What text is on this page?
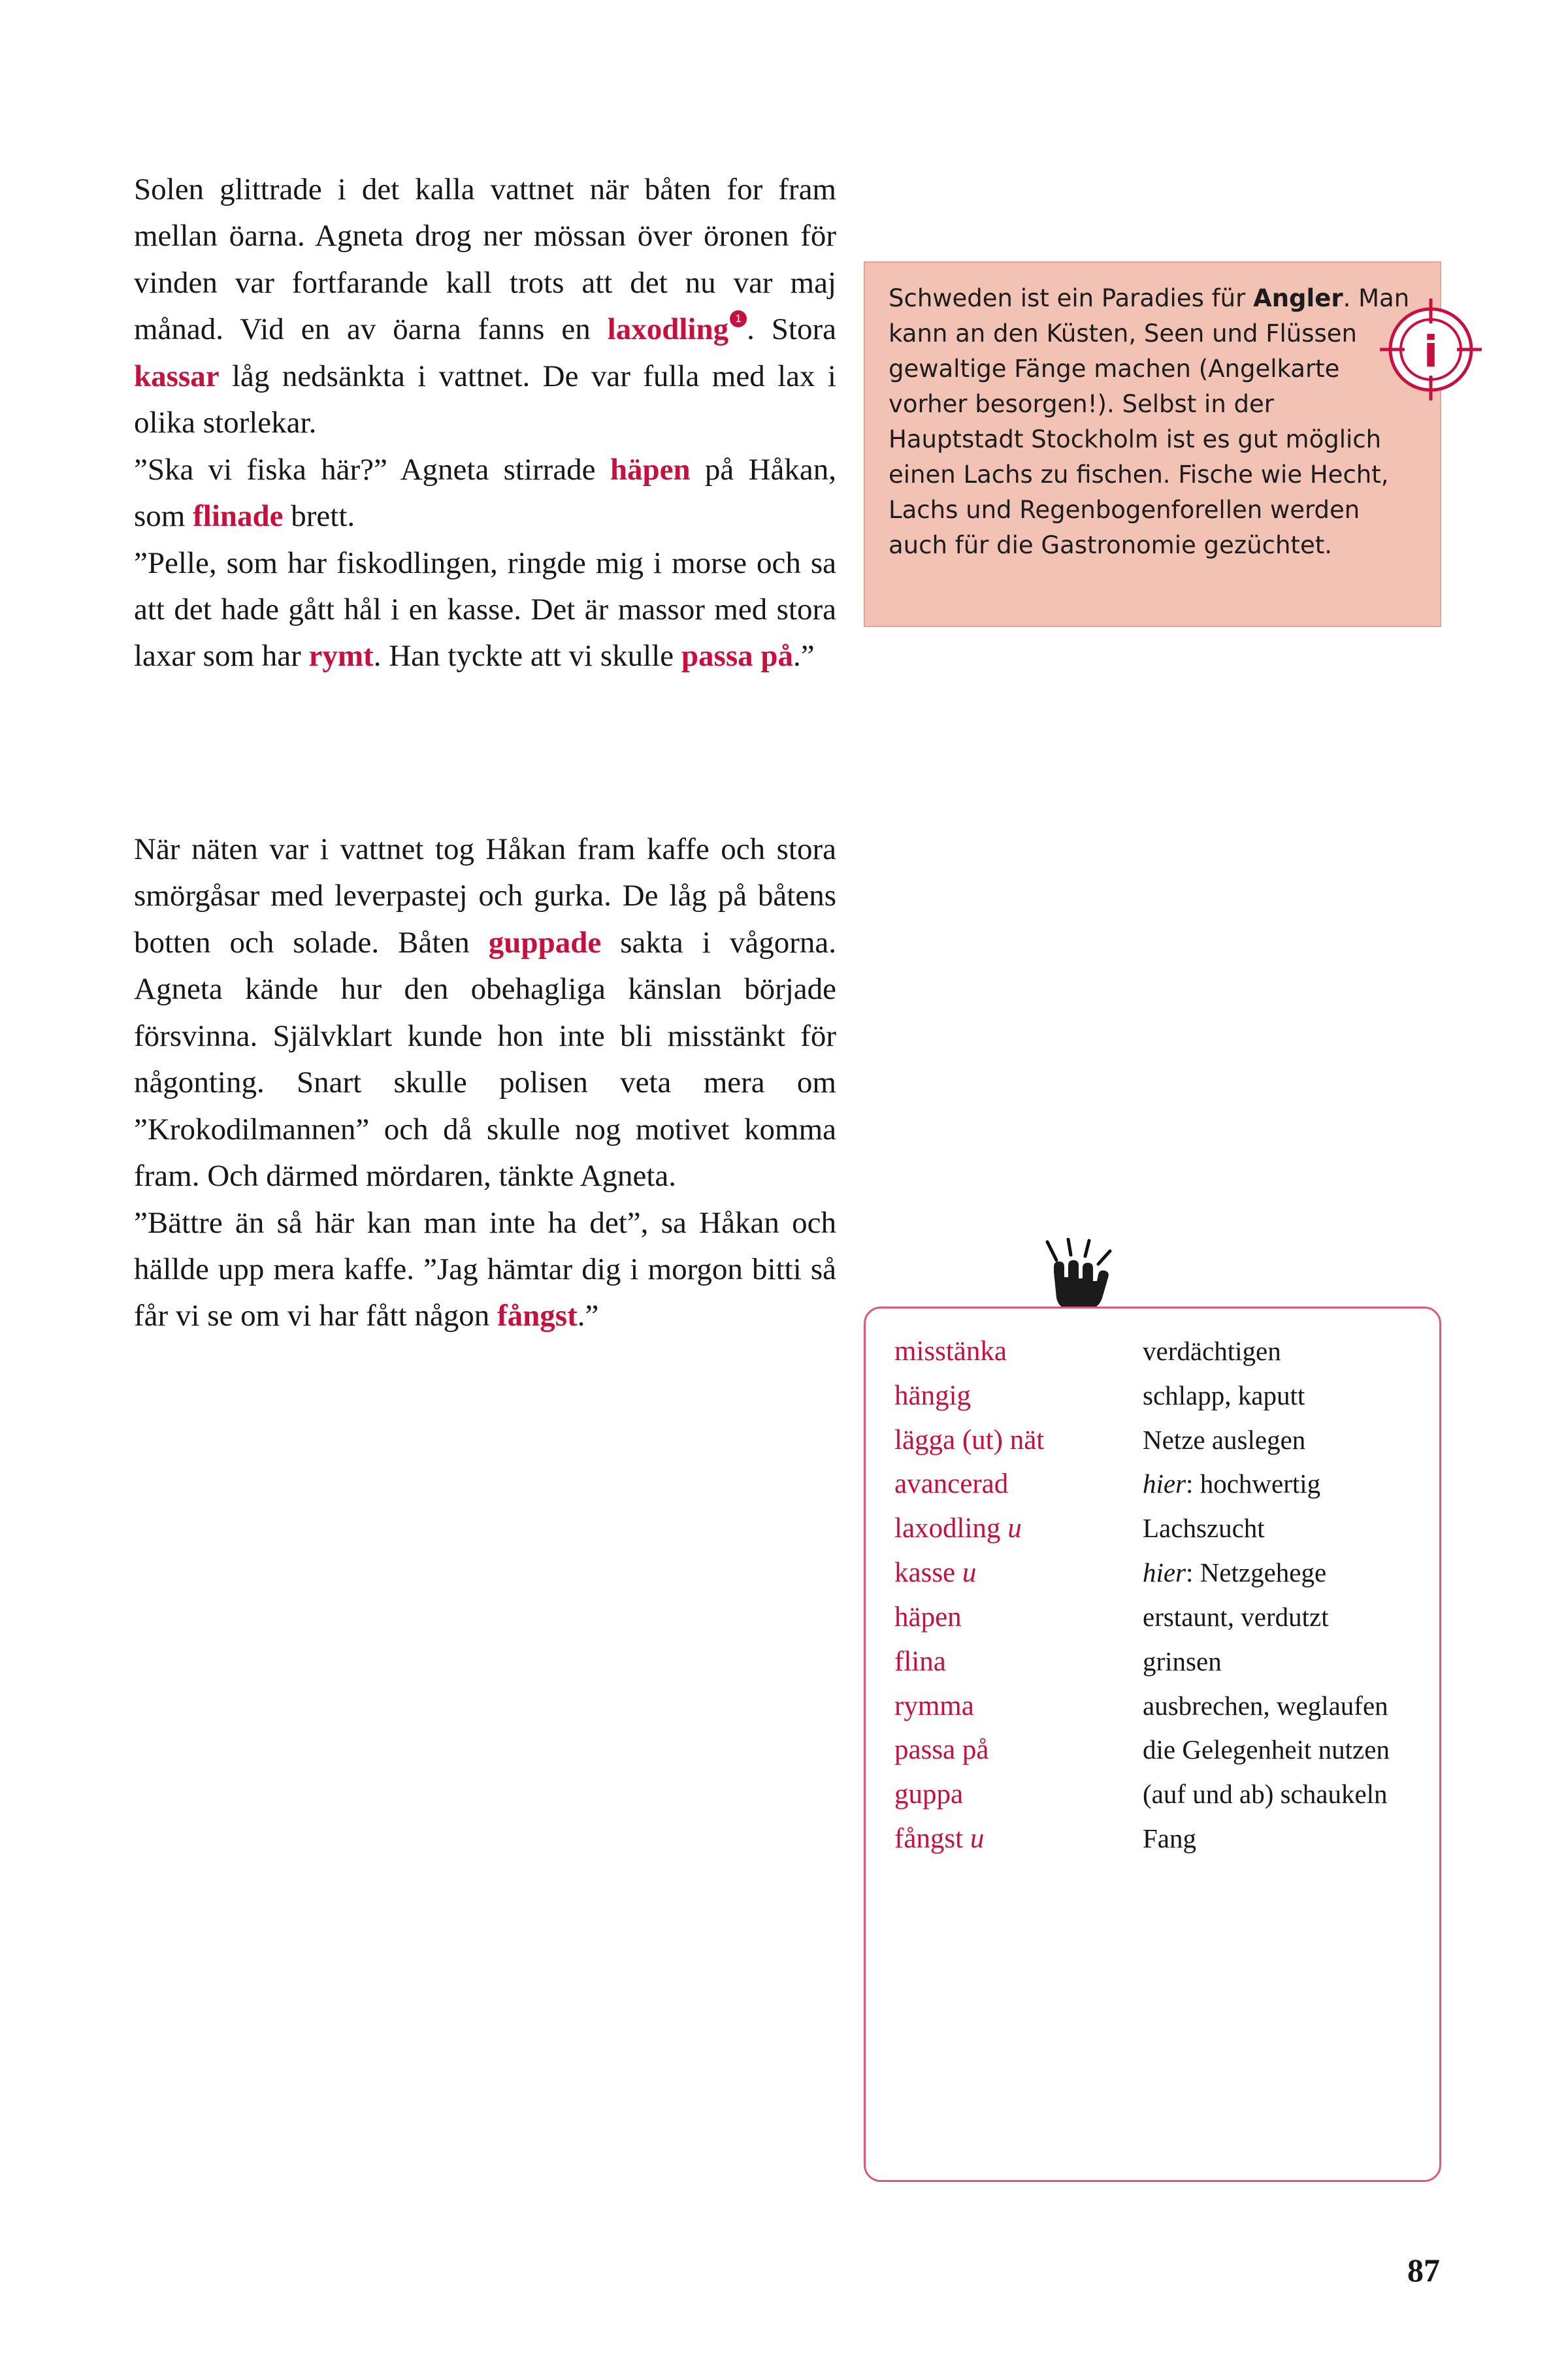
Solen glittrade i det kalla vattnet när båten for fram mellan öarna. Agneta drog ner mössan över öronen för vinden var fortfarande kall trots att det nu var maj månad. Vid en av öarna fanns en laxodling 1 . Stora kassar låg nedsänkta i vattnet. De var fulla med lax i olika storlekar.

”Ska vi fiska här?” Agneta stirrade häpen på Håkan, som flinade brett.

”Pelle, som har fiskodlingen, ringde mig i morse och sa att det hade gått hål i en kasse. Det är massor med stora laxar som har rymt. Han tyckte att vi skulle passa på.”

När näten var i vattnet tog Håkan fram kaffe och stora smörgåsar med leverpastej och gurka. De låg på båtens botten och solade. Båten guppade sakta i vågorna. Agneta kände hur den obehagliga känslan började försvinna. Självklart kunde hon inte bli misstänkt för någonting. Snart skulle polisen veta mera om ”Krokodilmannen” och då skulle nog motivet komma fram. Och därmed mördaren, tänkte Agneta.

”Bättre än så här kan man inte ha det”, sa Håkan och hällde upp mera kaffe. ”Jag hämtar dig i morgon bitti så får vi se om vi har fått någon fångst.”

Schweden ist ein Paradies für Angler. Man kann an den Küsten, Seen und Flüssen gewaltige Fänge machen (Angelkarte vorher besorgen!). Selbst in der Hauptstadt Stockholm ist es gut möglich einen Lachs zu fischen. Fische wie Hecht, Lachs und Regenbogenforellen werden auch für die Gastronomie gezüchtet.
i
misstänka	verdächtigen
hängig	schlapp, kaputt
lägga (ut) nät	Netze auslegen
avancerad	hier: hochwertig
laxodling u	Lachszucht
kasse u	hier: Netzgehege
häpen	erstaunt, verdutzt
flina	grinsen
rymma	ausbrechen, weglaufen
passa på	die Gelegenheit nutzen
guppa	(auf und ab) schaukeln
fångst u	Fang
87
